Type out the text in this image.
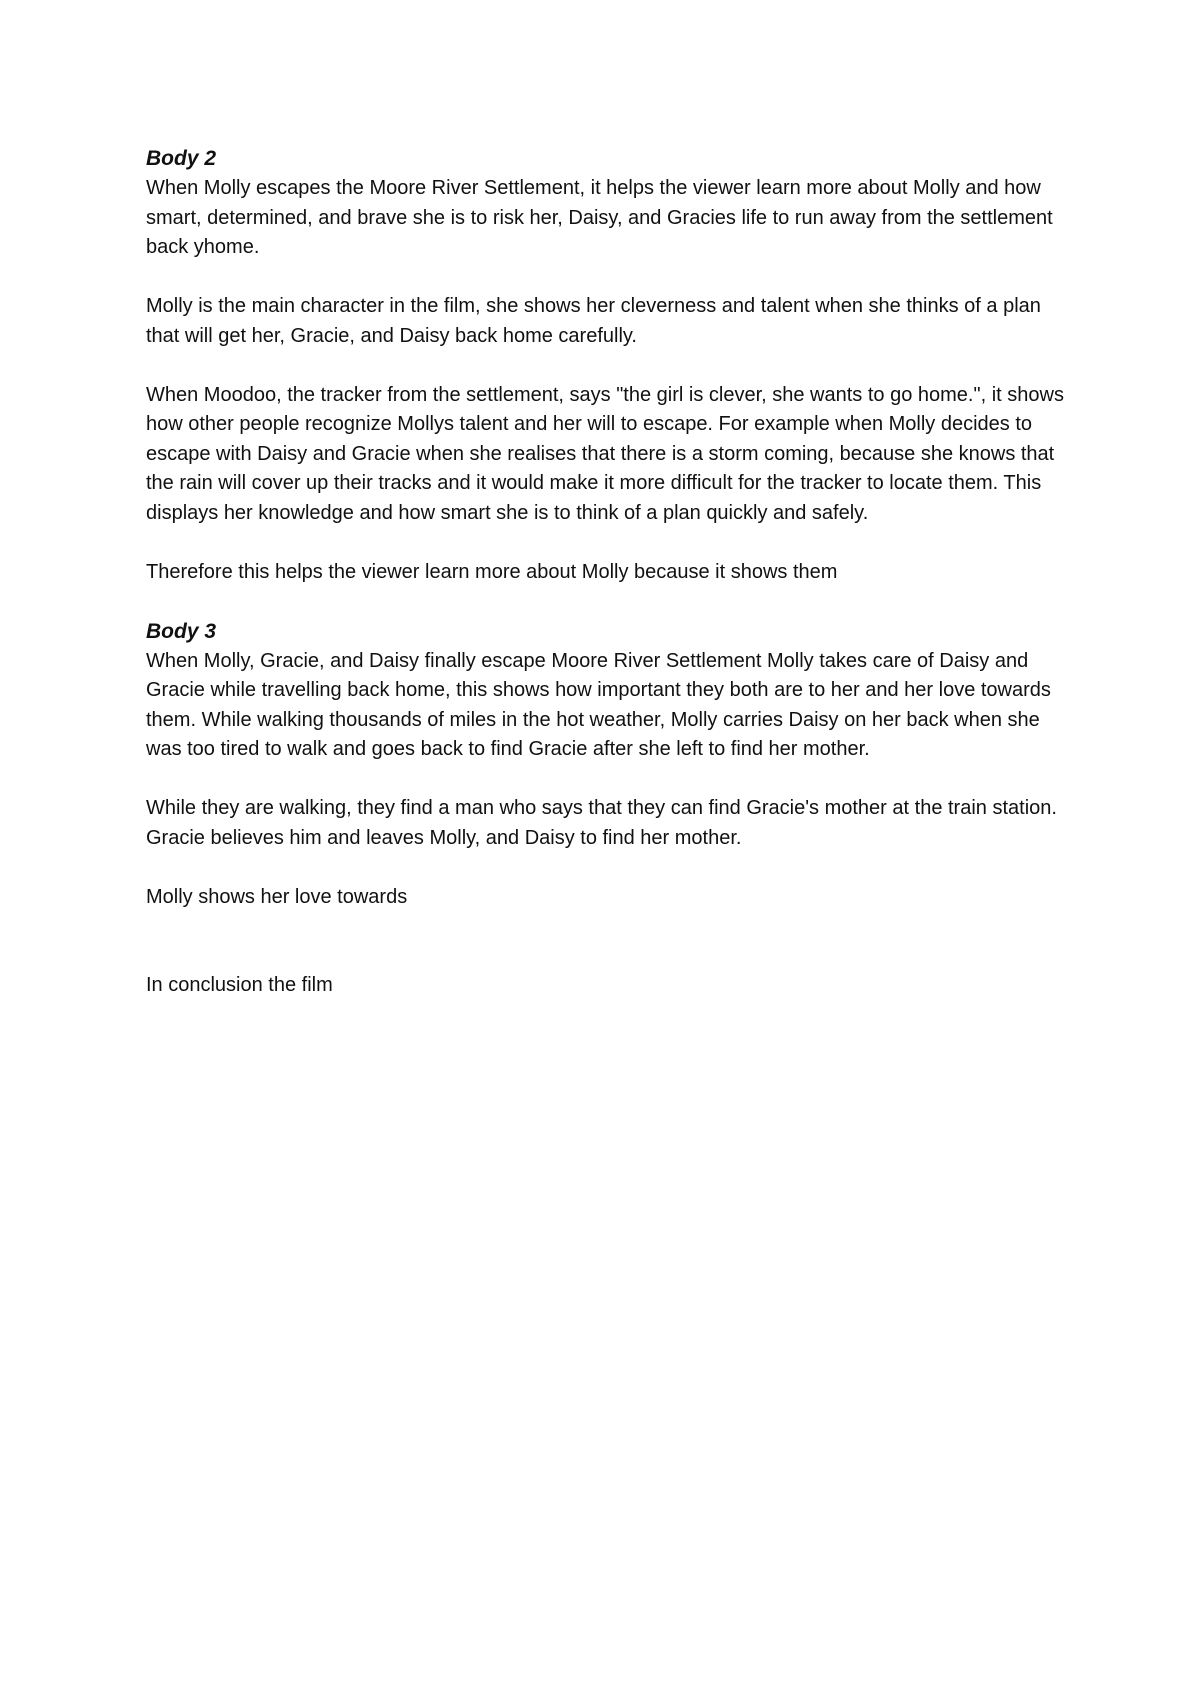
Body 2

When Molly escapes the Moore River Settlement, it helps the viewer learn more about Molly and how smart, determined, and brave she is to risk her, Daisy, and Gracies life to run away from the settlement back yhome.

Molly is the main character in the film, she shows her cleverness and talent when she thinks of a plan that will get her, Gracie, and Daisy back home carefully.

When Moodoo, the tracker from the settlement, says "the girl is clever, she wants to go home.", it shows how other people recognize Mollys talent and her will to escape. For example when Molly decides to escape with Daisy and Gracie when she realises that there is a storm coming, because she knows that the rain will cover up their tracks and it would make it more difficult for the tracker to locate them. This displays her knowledge and how smart she is to think of a plan quickly and safely.

Therefore this helps the viewer learn more about Molly because it shows them

Body 3

When Molly, Gracie, and Daisy finally escape Moore River Settlement Molly takes care of Daisy and Gracie while travelling back home, this shows how important they both are to her and her love towards them. While walking thousands of miles in the hot weather, Molly carries Daisy on her back when she was too tired to walk and goes back to find Gracie after she left to find her mother.

While they are walking, they find a man who says that they can find Gracie's mother at the train station. Gracie believes him and leaves Molly, and Daisy to find her mother.

Molly shows her love towards

In conclusion the film
